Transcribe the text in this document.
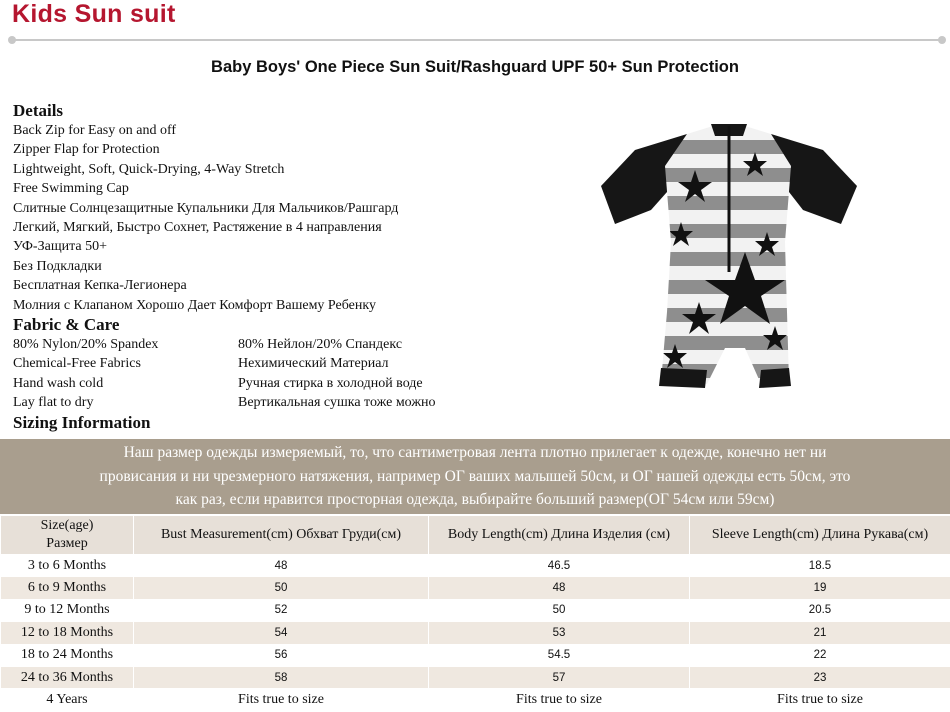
Kids Sun suit
Baby Boys' One Piece Sun Suit/Rashguard UPF 50+ Sun Protection
Details
Back Zip for Easy on and off
Zipper Flap for Protection
Lightweight, Soft, Quick-Drying, 4-Way Stretch
Free Swimming Cap
Слитные Солнцезащитные Купальники Для Мальчиков/Рашгард
Легкий, Мягкий, Быстро Сохнет, Растяжение в 4 направления
УФ-Защита 50+
Без Подкладки
Бесплатная Кепка-Легионера
Молния с Клапаном Хорошо Дает Комфорт Вашему Ребенку
Fabric & Care
80% Nylon/20% Spandex	80% Нейлон/20% Спандекс
Chemical-Free Fabrics	Нехимический Материал
Hand wash cold	Ручная стирка в холодной воде
Lay flat to dry	Вертикальная сушка тоже можно
Sizing Information
Наш размер одежды измеряемый, то, что сантиметровая лента плотно прилегает к одежде, конечно нет ни
провисания и ни чрезмерного натяжения, например ОГ ваших малышей 50см, и ОГ нашей одежды есть 50см, это
как раз, если нравится просторная одежда, выбирайте больший размер(ОГ 54см или 59см)
Size(age)
Размер	Bust Measurement(cm) Обхват Груди(см)	Body Length(cm) Длина Изделия (см)	Sleeve Length(cm) Длина Рукава(см)
3 to 6 Months	48	46.5	18.5
6 to 9 Months	50	48	19
9 to 12 Months	52	50	20.5
12 to 18 Months	54	53	21
18 to 24 Months	56	54.5	22
24 to 36 Months	58	57	23
4 Years	Fits true to size	Fits true to size	Fits true to size
